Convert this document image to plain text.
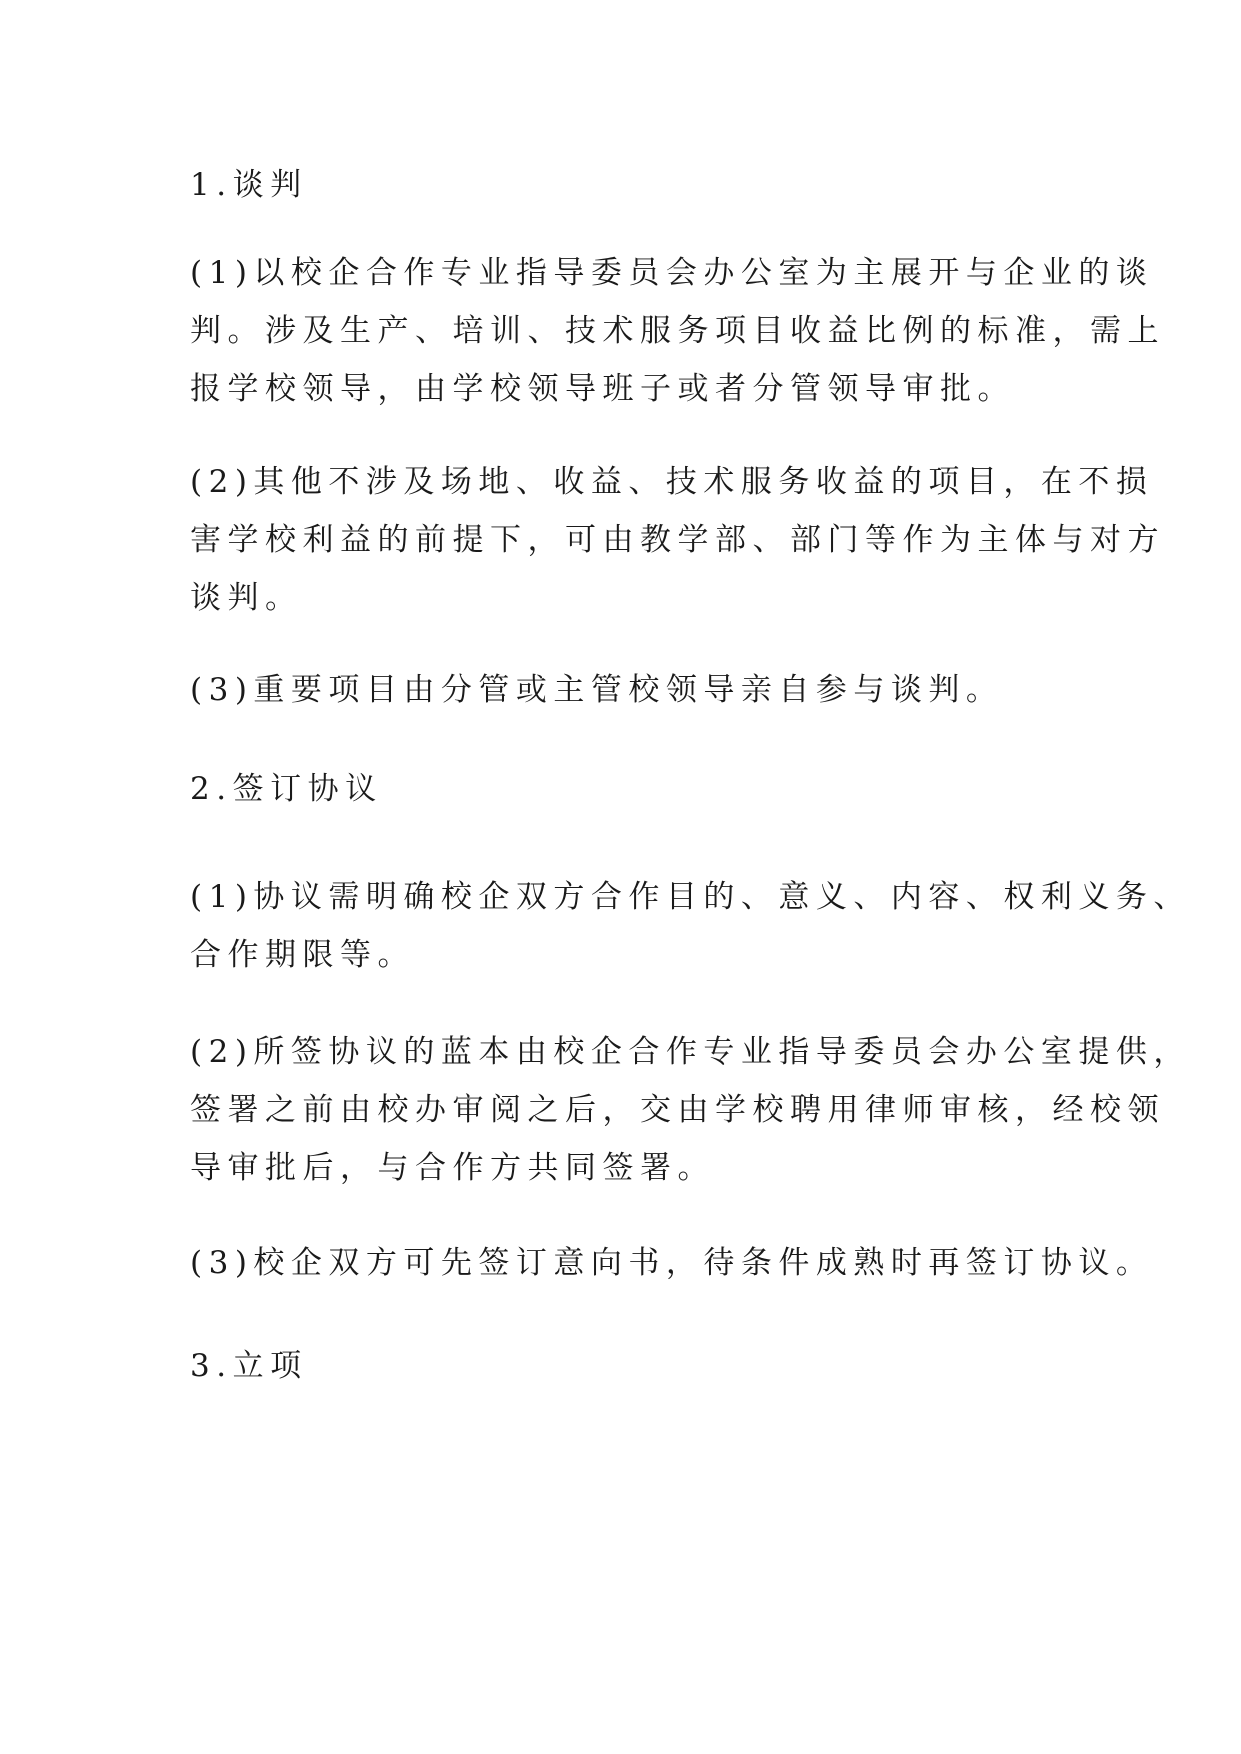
1.谈判
(1)以校企合作专业指导委员会办公室为主展开与企业的谈
判。涉及生产、培训、技术服务项目收益比例的标准，需上
报学校领导，由学校领导班子或者分管领导审批。
(2)其他不涉及场地、收益、技术服务收益的项目，在不损
害学校利益的前提下，可由教学部、部门等作为主体与对方
谈判。
(3)重要项目由分管或主管校领导亲自参与谈判。
2.签订协议
(1)协议需明确校企双方合作目的、意义、内容、权利义务、
合作期限等。
(2)所签协议的蓝本由校企合作专业指导委员会办公室提供，
签署之前由校办审阅之后，交由学校聘用律师审核，经校领
导审批后，与合作方共同签署。
(3)校企双方可先签订意向书，待条件成熟时再签订协议。
3.立项
